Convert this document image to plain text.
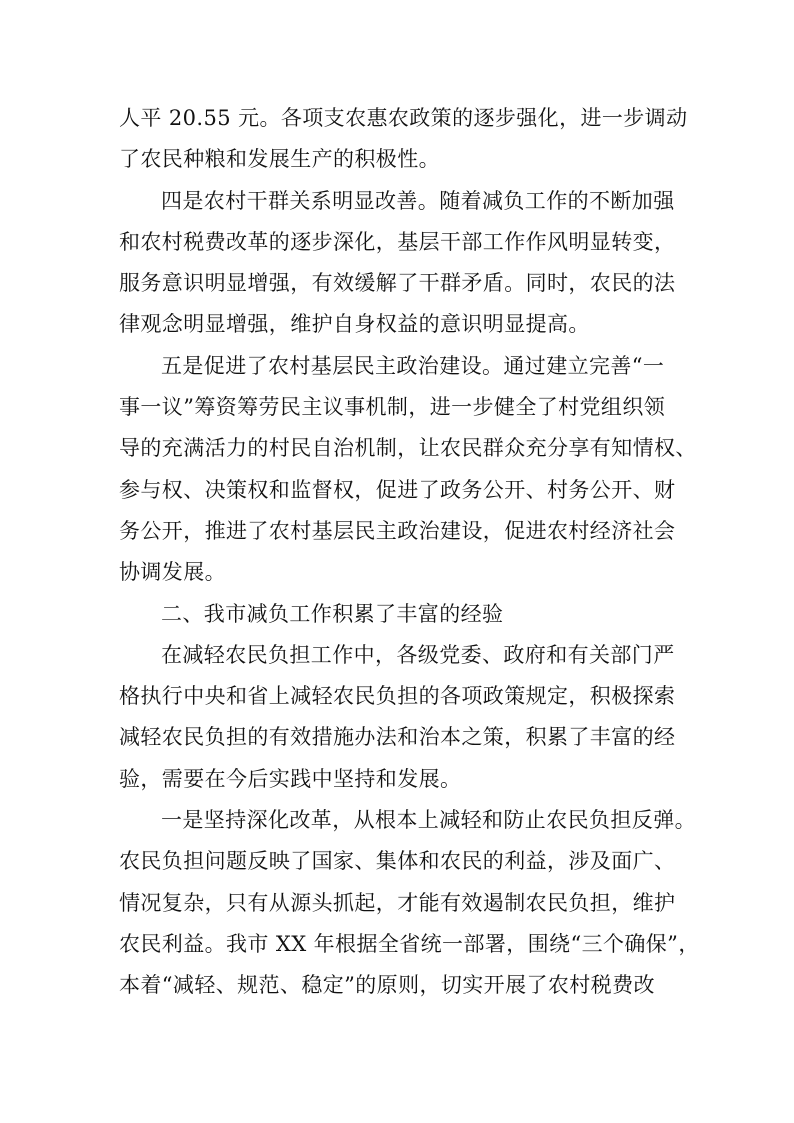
人平 20.55 元。各项支农惠农政策的逐步强化，进一步调动
了农民种粮和发展生产的积极性。
四是农村干群关系明显改善。随着减负工作的不断加强
和农村税费改革的逐步深化，基层干部工作作风明显转变，
服务意识明显增强，有效缓解了干群矛盾。同时，农民的法
律观念明显增强，维护自身权益的意识明显提高。
五是促进了农村基层民主政治建设。通过建立完善“一
事一议”筹资筹劳民主议事机制，进一步健全了村党组织领
导的充满活力的村民自治机制，让农民群众充分享有知情权、
参与权、决策权和监督权，促进了政务公开、村务公开、财
务公开，推进了农村基层民主政治建设，促进农村经济社会
协调发展。
二、我市减负工作积累了丰富的经验
在减轻农民负担工作中，各级党委、政府和有关部门严
格执行中央和省上减轻农民负担的各项政策规定，积极探索
减轻农民负担的有效措施办法和治本之策，积累了丰富的经
验，需要在今后实践中坚持和发展。
一是坚持深化改革，从根本上减轻和防止农民负担反弹。
农民负担问题反映了国家、集体和农民的利益，涉及面广、
情况复杂，只有从源头抓起，才能有效遏制农民负担，维护
农民利益。我市 XX 年根据全省统一部署，围绕“三个确保”，
本着“减轻、规范、稳定”的原则，切实开展了农村税费改
